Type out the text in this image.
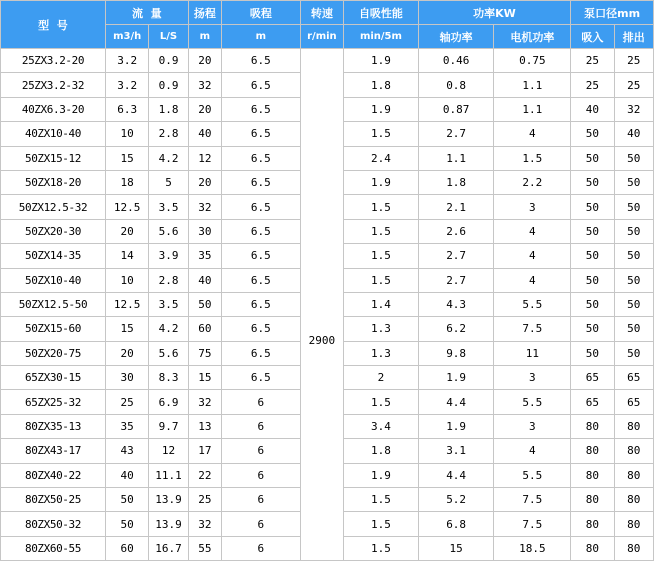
型  号	流  量		扬程	吸程	转速	自吸性能	功率KW		泵口径mm	
	m3/h	L/S	m	m	r/min	min/5m	轴功率	电机功率	吸入	排出
25ZX3.2-20	3.2	0.9	20	6.5	2900	1.9	0.46	0.75	25	25
25ZX3.2-32	3.2	0.9	32	6.5		1.8	0.8	1.1	25	25
40ZX6.3-20	6.3	1.8	20	6.5		1.9	0.87	1.1	40	32
40ZX10-40	10	2.8	40	6.5		1.5	2.7	4	50	40
50ZX15-12	15	4.2	12	6.5		2.4	1.1	1.5	50	50
50ZX18-20	18	5	20	6.5		1.9	1.8	2.2	50	50
50ZX12.5-32	12.5	3.5	32	6.5		1.5	2.1	3	50	50
50ZX20-30	20	5.6	30	6.5		1.5	2.6	4	50	50
50ZX14-35	14	3.9	35	6.5		1.5	2.7	4	50	50
50ZX10-40	10	2.8	40	6.5		1.5	2.7	4	50	50
50ZX12.5-50	12.5	3.5	50	6.5		1.4	4.3	5.5	50	50
50ZX15-60	15	4.2	60	6.5		1.3	6.2	7.5	50	50
50ZX20-75	20	5.6	75	6.5		1.3	9.8	11	50	50
65ZX30-15	30	8.3	15	6.5		2	1.9	3	65	65
65ZX25-32	25	6.9	32	6		1.5	4.4	5.5	65	65
80ZX35-13	35	9.7	13	6		3.4	1.9	3	80	80
80ZX43-17	43	12	17	6		1.8	3.1	4	80	80
80ZX40-22	40	11.1	22	6		1.9	4.4	5.5	80	80
80ZX50-25	50	13.9	25	6		1.5	5.2	7.5	80	80
80ZX50-32	50	13.9	32	6		1.5	6.8	7.5	80	80
80ZX60-55	60	16.7	55	6		1.5	15	18.5	80	80
